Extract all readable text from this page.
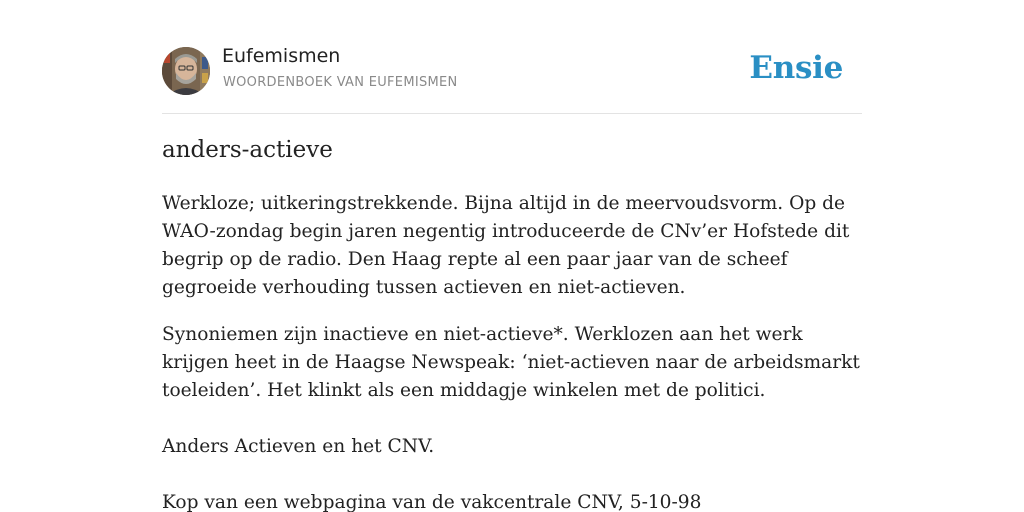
Eufemismen
WOORDENBOEK VAN EUFEMISMEN	Ensie
anders-actieve

Werkloze; uitkeringstrekkende. Bijna altijd in de meervoudsvorm. Op de WAO-zondag begin jaren negentig introduceerde de CNv’er Hofstede dit begrip op de radio. Den Haag repte al een paar jaar van de scheef gegroeide verhouding tussen actieven en niet-actieven.

Synoniemen zijn inactieve en niet-actieve*. Werklozen aan het werk krijgen heet in de Haagse Newspeak: ‘niet-actieven naar de arbeidsmarkt toeleiden’. Het klinkt als een middagje winkelen met de politici.

Anders Actieven en het CNV.

Kop van een webpagina van de vakcentrale CNV, 5-10-98
